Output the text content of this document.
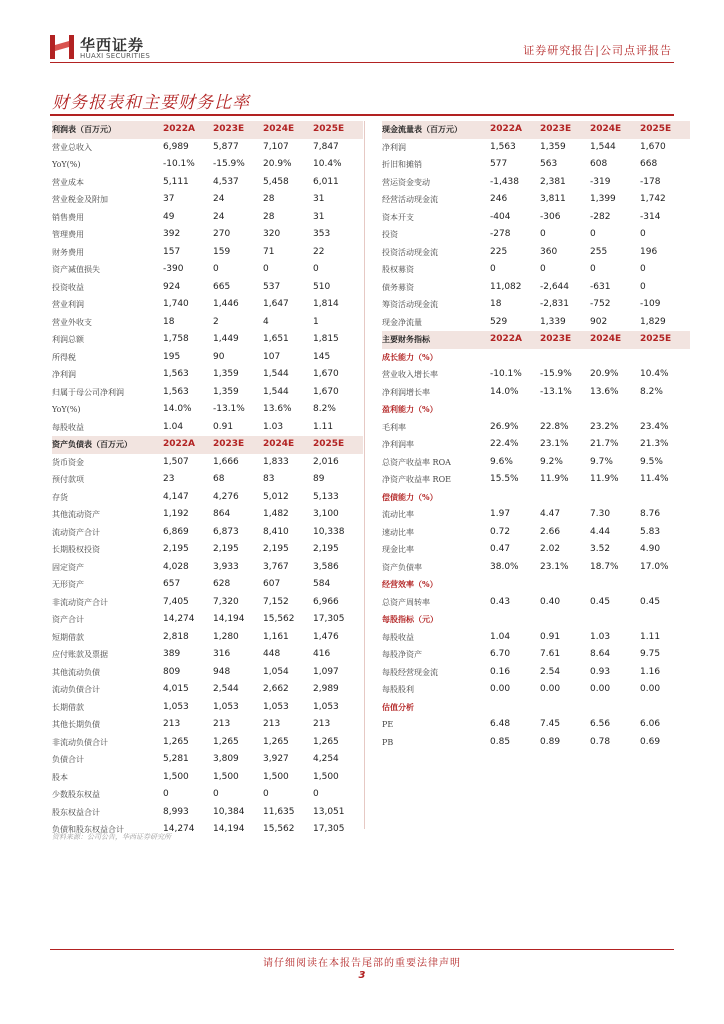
华西证券
HUAXI SECURITIES	证券研究报告|公司点评报告
财务报表和主要财务比率
利润表（百万元）	2022A	2023E	2024E	2025E
营业总收入	6,989	5,877	7,107	7,847
YoY(%)	-10.1%	-15.9%	20.9%	10.4%
营业成本	5,111	4,537	5,458	6,011
营业税金及附加	37	24	28	31
销售费用	49	24	28	31
管理费用	392	270	320	353
财务费用	157	159	71	22
资产减值损失	-390	0	0	0
投资收益	924	665	537	510
营业利润	1,740	1,446	1,647	1,814
营业外收支	18	2	4	1
利润总额	1,758	1,449	1,651	1,815
所得税	195	90	107	145
净利润	1,563	1,359	1,544	1,670
归属于母公司净利润	1,563	1,359	1,544	1,670
YoY(%)	14.0%	-13.1%	13.6%	8.2%
每股收益	1.04	0.91	1.03	1.11
资产负债表（百万元）	2022A	2023E	2024E	2025E
货币资金	1,507	1,666	1,833	2,016
预付款项	23	68	83	89
存货	4,147	4,276	5,012	5,133
其他流动资产	1,192	864	1,482	3,100
流动资产合计	6,869	6,873	8,410	10,338
长期股权投资	2,195	2,195	2,195	2,195
固定资产	4,028	3,933	3,767	3,586
无形资产	657	628	607	584
非流动资产合计	7,405	7,320	7,152	6,966
资产合计	14,274	14,194	15,562	17,305
短期借款	2,818	1,280	1,161	1,476
应付账款及票据	389	316	448	416
其他流动负债	809	948	1,054	1,097
流动负债合计	4,015	2,544	2,662	2,989
长期借款	1,053	1,053	1,053	1,053
其他长期负债	213	213	213	213
非流动负债合计	1,265	1,265	1,265	1,265
负债合计	5,281	3,809	3,927	4,254
股本	1,500	1,500	1,500	1,500
少数股东权益	0	0	0	0
股东权益合计	8,993	10,384	11,635	13,051
负债和股东权益合计	14,274	14,194	15,562	17,305
现金流量表（百万元）	2022A	2023E	2024E	2025E
净利润	1,563	1,359	1,544	1,670
折旧和摊销	577	563	608	668
营运资金变动	-1,438	2,381	-319	-178
经营活动现金流	246	3,811	1,399	1,742
资本开支	-404	-306	-282	-314
投资	-278	0	0	0
投资活动现金流	225	360	255	196
股权募资	0	0	0	0
债务募资	11,082	-2,644	-631	0
筹资活动现金流	18	-2,831	-752	-109
现金净流量	529	1,339	902	1,829
主要财务指标	2022A	2023E	2024E	2025E
成长能力（%）				
营业收入增长率	-10.1%	-15.9%	20.9%	10.4%
净利润增长率	14.0%	-13.1%	13.6%	8.2%
盈利能力（%）				
毛利率	26.9%	22.8%	23.2%	23.4%
净利润率	22.4%	23.1%	21.7%	21.3%
总资产收益率 ROA	9.6%	9.2%	9.7%	9.5%
净资产收益率 ROE	15.5%	11.9%	11.9%	11.4%
偿债能力（%）				
流动比率	1.97	4.47	7.30	8.76
速动比率	0.72	2.66	4.44	5.83
现金比率	0.47	2.02	3.52	4.90
资产负债率	38.0%	23.1%	18.7%	17.0%
经营效率（%）				
总资产周转率	0.43	0.40	0.45	0.45
每股指标（元）				
每股收益	1.04	0.91	1.03	1.11
每股净资产	6.70	7.61	8.64	9.75
每股经营现金流	0.16	2.54	0.93	1.16
每股股利	0.00	0.00	0.00	0.00
估值分析				
PE	6.48	7.45	6.56	6.06
PB	0.85	0.89	0.78	0.69
资料来源：公司公告，华西证券研究所
请仔细阅读在本报告尾部的重要法律声明
3
